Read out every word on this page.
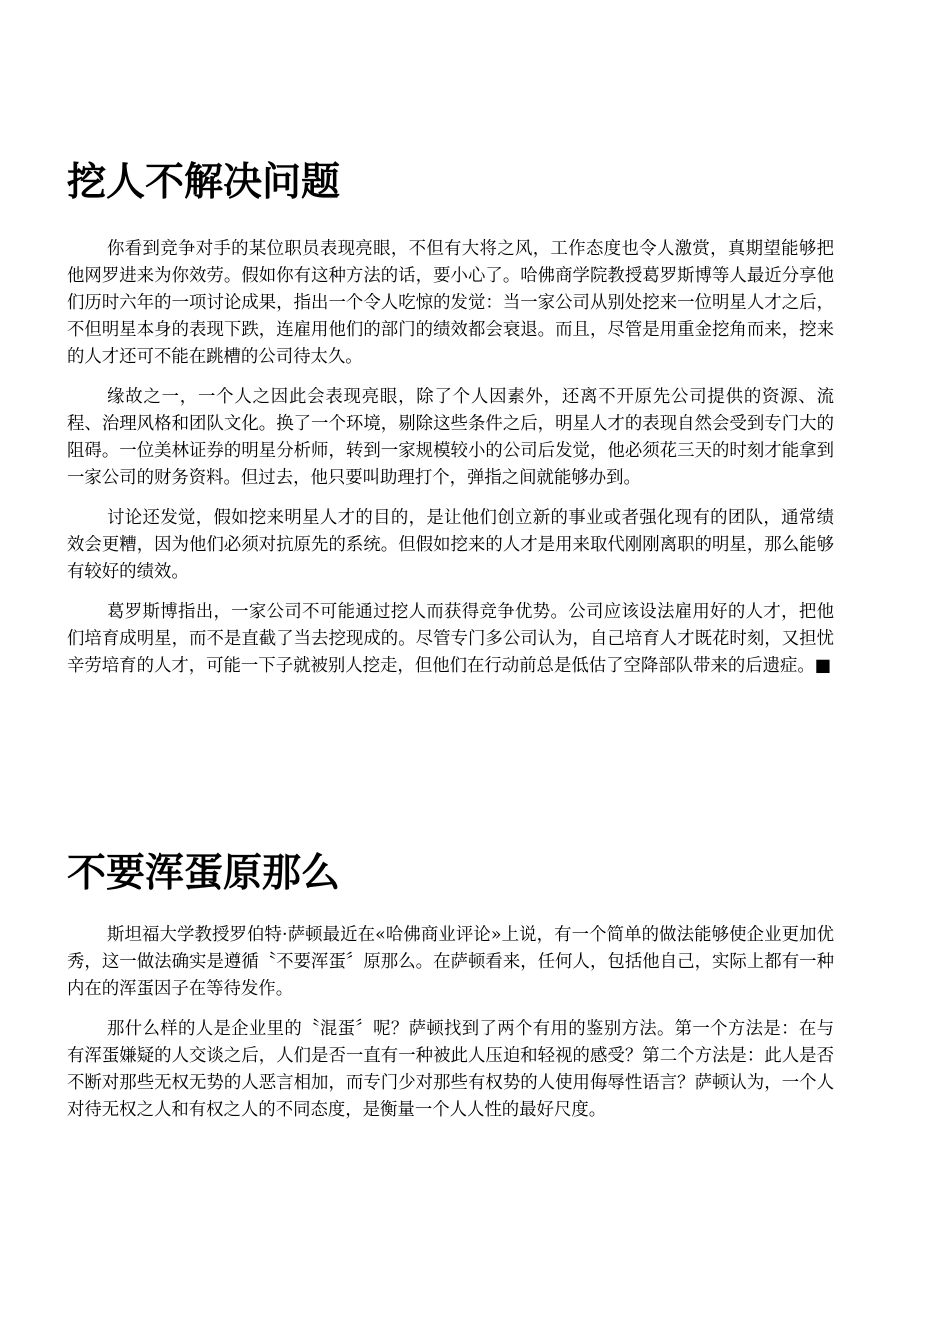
挖人不解决问题

你看到竞争对手的某位职员表现亮眼，不但有大将之风，工作态度也令人激赏，真期望能够把他网罗进来为你效劳。假如你有这种方法的话，要小心了。哈佛商学院教授葛罗斯博等人最近分享他们历时六年的一项讨论成果，指出一个令人吃惊的发觉：当一家公司从别处挖来一位明星人才之后，不但明星本身的表现下跌，连雇用他们的部门的绩效都会衰退。而且，尽管是用重金挖角而来，挖来的人才还可不能在跳槽的公司待太久。

缘故之一，一个人之因此会表现亮眼，除了个人因素外，还离不开原先公司提供的资源、流程、治理风格和团队文化。换了一个环境，剔除这些条件之后，明星人才的表现自然会受到专门大的阻碍。一位美林证券的明星分析师，转到一家规模较小的公司后发觉，他必须花三天的时刻才能拿到一家公司的财务资料。但过去，他只要叫助理打个，弹指之间就能够办到。

讨论还发觉，假如挖来明星人才的目的，是让他们创立新的事业或者强化现有的团队，通常绩效会更糟，因为他们必须对抗原先的系统。但假如挖来的人才是用来取代刚刚离职的明星，那么能够有较好的绩效。

葛罗斯博指出，一家公司不可能通过挖人而获得竞争优势。公司应该设法雇用好的人才，把他们培育成明星，而不是直截了当去挖现成的。尽管专门多公司认为，自己培育人才既花时刻，又担忧辛劳培育的人才，可能一下子就被别人挖走，但他们在行动前总是低估了空降部队带来的后遗症。■

不要浑蛋原那么

斯坦福大学教授罗伯特·萨顿最近在«哈佛商业评论»上说，有一个简单的做法能够使企业更加优秀，这一做法确实是遵循〝不要浑蛋〞原那么。在萨顿看来，任何人，包括他自己，实际上都有一种内在的浑蛋因子在等待发作。

那什么样的人是企业里的〝混蛋〞呢？萨顿找到了两个有用的鉴别方法。第一个方法是：在与有浑蛋嫌疑的人交谈之后，人们是否一直有一种被此人压迫和轻视的感受？第二个方法是：此人是否不断对那些无权无势的人恶言相加，而专门少对那些有权势的人使用侮辱性语言？萨顿认为，一个人对待无权之人和有权之人的不同态度，是衡量一个人人性的最好尺度。
